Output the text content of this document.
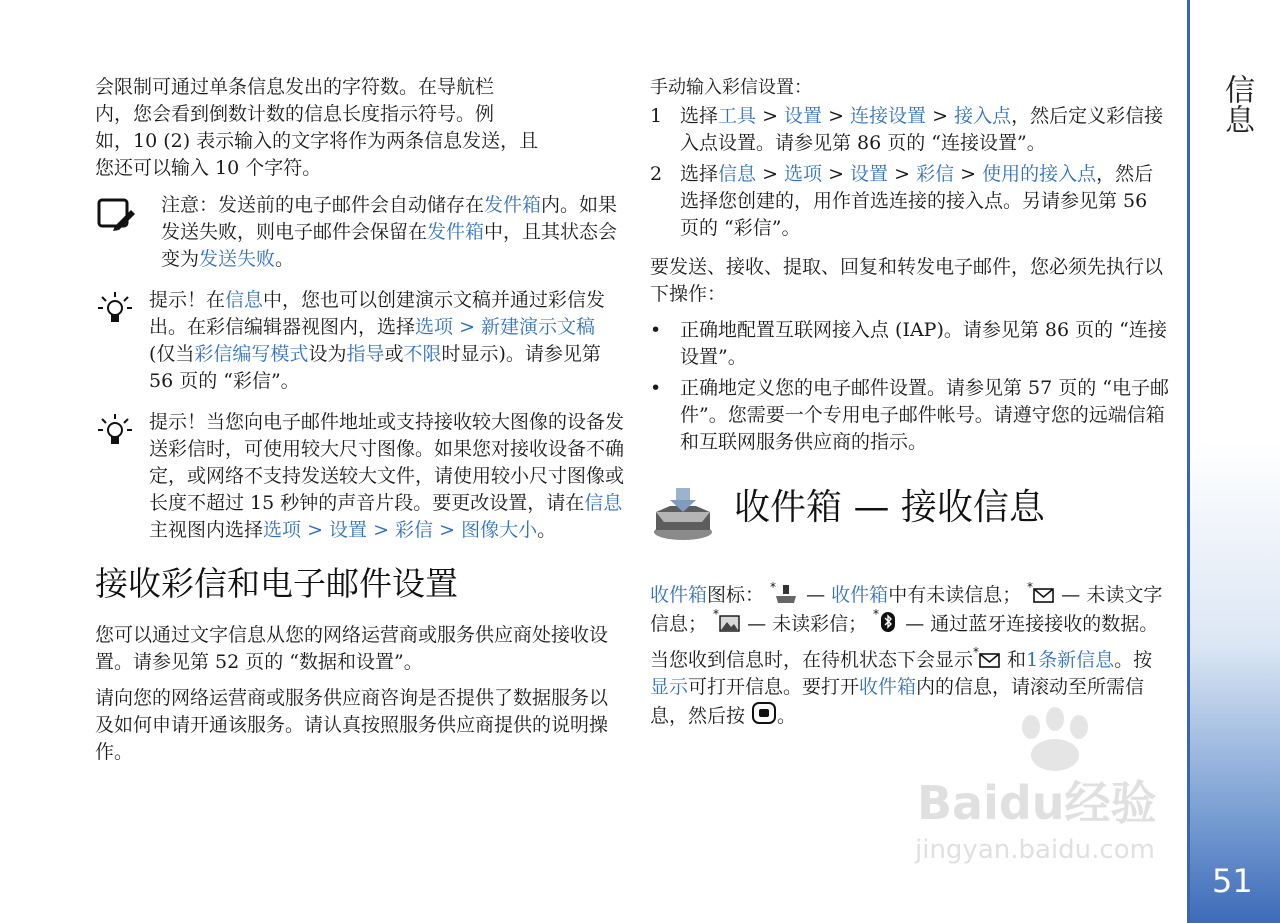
信息
51

会限制可通过单条信息发出的字符数。在导航栏
内，您会看到倒数计数的信息长度指示符号。例
如，10 (2) 表示输入的文字将作为两条信息发送，且
您还可以输入 10 个字符。

注意：发送前的电子邮件会自动储存在发件箱内。如果发送失败，则电子邮件会保留在发件箱中，且其状态会变为发送失败。
提示！在信息中，您也可以创建演示文稿并通过彩信发出。在彩信编辑器视图内，选择选项 > 新建演示文稿 (仅当彩信编写模式设为指导或不限时显示)。请参见第 56 页的 “彩信”。
提示！当您向电子邮件地址或支持接收较大图像的设备发送彩信时，可使用较大尺寸图像。如果您对接收设备不确定，或网络不支持发送较大文件，请使用较小尺寸图像或长度不超过 15 秒钟的声音片段。要更改设置，请在信息主视图内选择选项 > 设置 > 彩信 > 图像大小。
接收彩信和电子邮件设置

您可以通过文字信息从您的网络运营商或服务供应商处接收设置。请参见第 52 页的 “数据和设置”。

请向您的网络运营商或服务供应商咨询是否提供了数据服务以及如何申请开通该服务。请认真按照服务供应商提供的说明操作。

手动输入彩信设置：
1 选择工具 > 设置 > 连接设置 > 接入点，然后定义彩信接入点设置。请参见第 86 页的 “连接设置”。
2 选择信息 > 选项 > 设置 > 彩信 > 使用的接入点，然后选择您创建的，用作首选连接的接入点。另请参见第 56 页的 “彩信”。

要发送、接收、提取、回复和转发电子邮件，您必须先执行以下操作：

• 正确地配置互联网接入点 (IAP)。请参见第 86 页的 “连接设置”。
• 正确地定义您的电子邮件设置。请参见第 57 页的 “电子邮件”。您需要一个专用电子邮件帐号。请遵守您的远端信箱和互联网服务供应商的指示。
收件箱 — 接收信息

收件箱图标： * — 收件箱中有未读信息； * — 未读文字信息； * — 未读彩信； * — 通过蓝牙连接接收的数据。

当您收到信息时，在待机状态下会显示 * 和1条新信息。按显示可打开信息。要打开收件箱内的信息，请滚动至所需信息，然后按 。

Baidu经验
jingyan.baidu.com
